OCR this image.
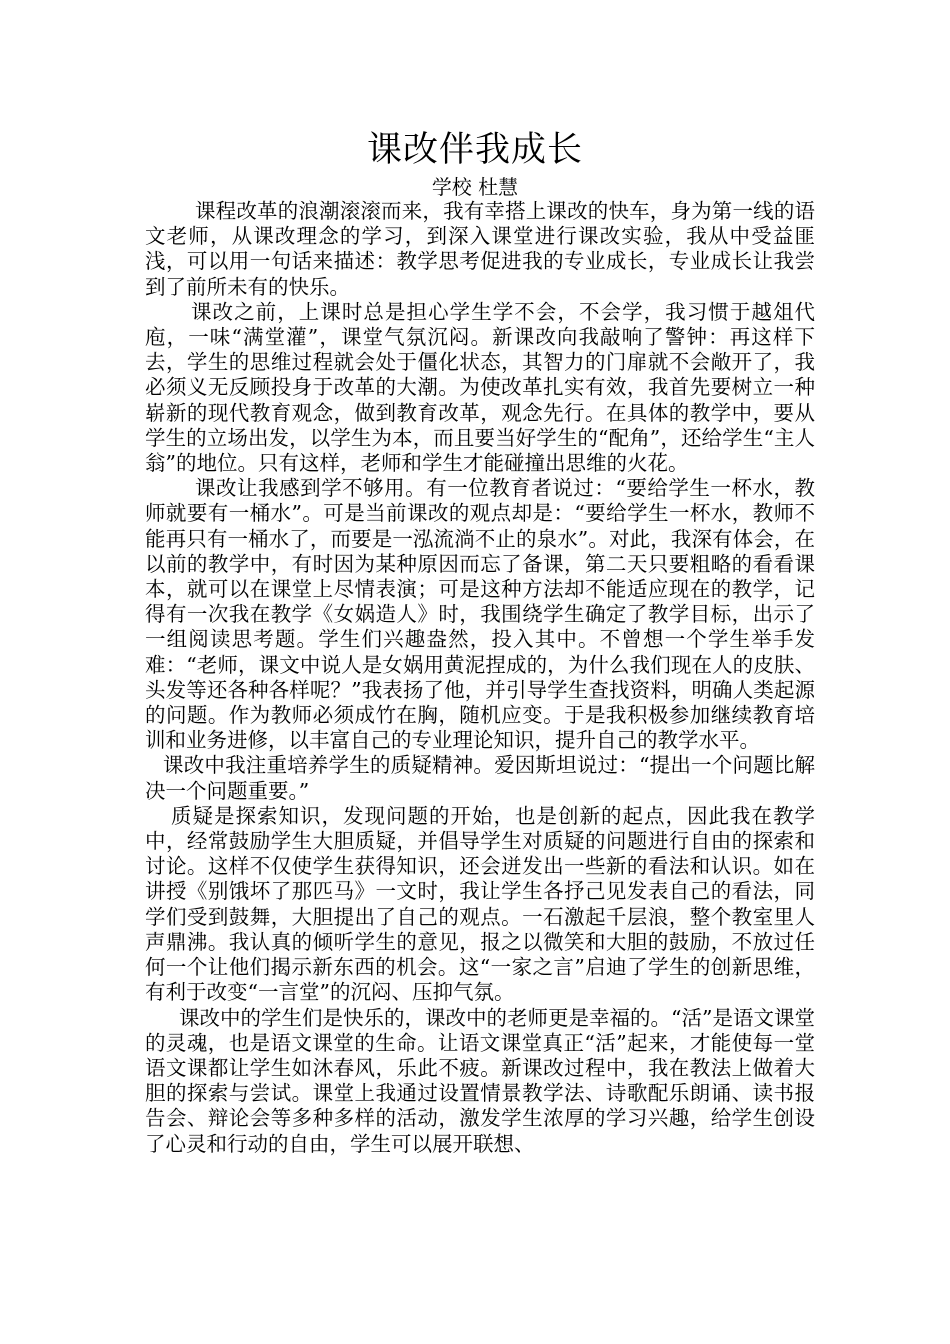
课改伴我成长
学校 杜慧

课程改革的浪潮滚滚而来，我有幸搭上课改的快车，身为第一线的语文老师，从课改理念的学习，到深入课堂进行课改实验，我从中受益匪浅，可以用一句话来描述：教学思考促进我的专业成长，专业成长让我尝到了前所未有的快乐。

课改之前，上课时总是担心学生学不会，不会学，我习惯于越俎代庖，一味“满堂灌”，课堂气氛沉闷。新课改向我敲响了警钟：再这样下去，学生的思维过程就会处于僵化状态，其智力的门扉就不会敞开了，我必须义无反顾投身于改革的大潮。为使改革扎实有效，我首先要树立一种崭新的现代教育观念，做到教育改革，观念先行。在具体的教学中，要从学生的立场出发，以学生为本，而且要当好学生的“配角”，还给学生“主人翁”的地位。只有这样，老师和学生才能碰撞出思维的火花。

课改让我感到学不够用。有一位教育者说过：“要给学生一杯水，教师就要有一桶水”。可是当前课改的观点却是：“要给学生一杯水，教师不能再只有一桶水了，而要是一泓流淌不止的泉水”。对此，我深有体会，在以前的教学中，有时因为某种原因而忘了备课，第二天只要粗略的看看课本，就可以在课堂上尽情表演；可是这种方法却不能适应现在的教学，记得有一次我在教学《女娲造人》时，我围绕学生确定了教学目标，出示了一组阅读思考题。学生们兴趣盎然，投入其中。不曾想一个学生举手发难：“老师，课文中说人是女娲用黄泥捏成的，为什么我们现在人的皮肤、头发等还各种各样呢？”我表扬了他，并引导学生查找资料，明确人类起源的问题。作为教师必须成竹在胸，随机应变。于是我积极参加继续教育培训和业务进修，以丰富自己的专业理论知识，提升自己的教学水平。

课改中我注重培养学生的质疑精神。爱因斯坦说过：“提出一个问题比解决一个问题重要。”

质疑是探索知识，发现问题的开始，也是创新的起点，因此我在教学中，经常鼓励学生大胆质疑，并倡导学生对质疑的问题进行自由的探索和讨论。这样不仅使学生获得知识，还会迸发出一些新的看法和认识。如在讲授《别饿坏了那匹马》一文时，我让学生各抒己见发表自己的看法，同学们受到鼓舞，大胆提出了自己的观点。一石激起千层浪，整个教室里人声鼎沸。我认真的倾听学生的意见，报之以微笑和大胆的鼓励，不放过任何一个让他们揭示新东西的机会。这“一家之言”启迪了学生的创新思维，有利于改变“一言堂”的沉闷、压抑气氛。

课改中的学生们是快乐的，课改中的老师更是幸福的。“活”是语文课堂的灵魂，也是语文课堂的生命。让语文课堂真正“活”起来，才能使每一堂语文课都让学生如沐春风，乐此不疲。新课改过程中，我在教法上做着大胆的探索与尝试。课堂上我通过设置情景教学法、诗歌配乐朗诵、读书报告会、辩论会等多种多样的活动，激发学生浓厚的学习兴趣，给学生创设了心灵和行动的自由，学生可以展开联想、
